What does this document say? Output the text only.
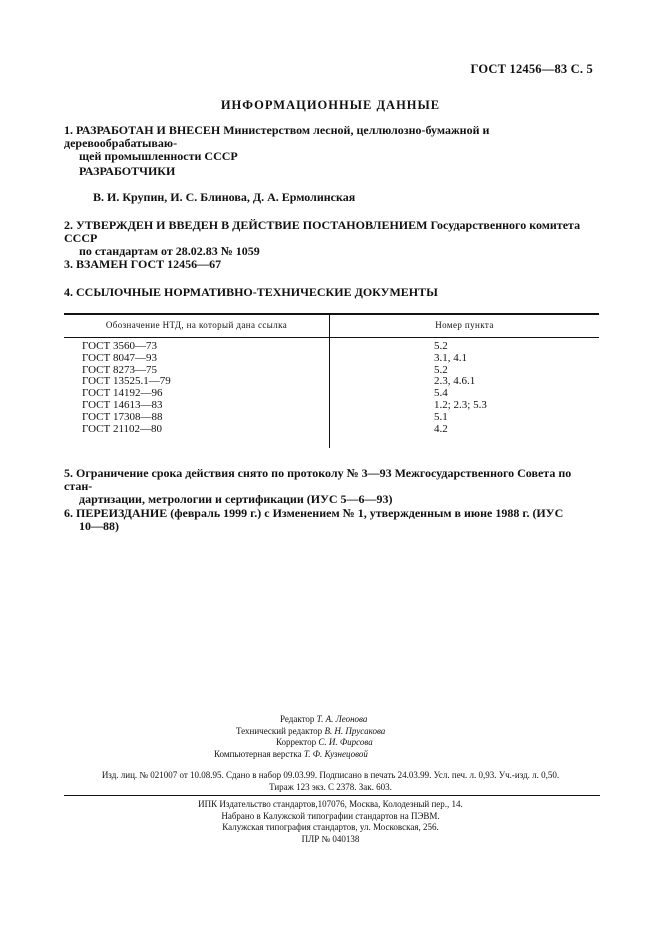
ГОСТ 12456—83 С. 5
ИНФОРМАЦИОННЫЕ ДАННЫЕ
1. РАЗРАБОТАН И ВНЕСЕН Министерством лесной, целлюлозно-бумажной и деревообрабатываю-
щей промышленности СССР
РАЗРАБОТЧИКИ
В. И. Крупин, И. С. Блинова, Д. А. Ермолинская
2. УТВЕРЖДЕН И ВВЕДЕН В ДЕЙСТВИЕ ПОСТАНОВЛЕНИЕМ Государственного комитета СССР
по стандартам от 28.02.83 № 1059
3. ВЗАМЕН ГОСТ 12456—67
4. ССЫЛОЧНЫЕ НОРМАТИВНО-ТЕХНИЧЕСКИЕ ДОКУМЕНТЫ
Обозначение НТД, на который дана ссылка	Номер пункта
ГОСТ 3560—73
ГОСТ 8047—93
ГОСТ 8273—75
ГОСТ 13525.1—79
ГОСТ 14192—96
ГОСТ 14613—83
ГОСТ 17308—88
ГОСТ 21102—80
5.2
3.1, 4.1
5.2
2.3, 4.6.1
5.4
1.2; 2.3; 5.3
5.1
4.2
5. Ограничение срока действия снято по протоколу № 3—93 Межгосударственного Совета по стан-
дартизации, метрологии и сертификации (ИУС 5—6—93)
6. ПЕРЕИЗДАНИЕ (февраль 1999 г.) с Изменением № 1, утвержденным в июне 1988 г. (ИУС
10—88)
Редактор Т. А. Леонова
Технический редактор В. Н. Прусакова
Корректор С. И. Фирсова
Компьютерная верстка Т. Ф. Кузнецовой
Изд. лиц. № 021007 от 10.08.95. Сдано в набор 09.03.99. Подписано в печать 24.03.99. Усл. печ. л. 0,93. Уч.-изд. л. 0,50.
Тираж 123 экз. С 2378. Зак. 603.
ИПК Издательство стандартов,107076, Москва, Колодезный пер., 14.
Набрано в Калужской типографии стандартов на ПЭВМ.
Калужская типография стандартов, ул. Московская, 256.
ПЛР № 040138
